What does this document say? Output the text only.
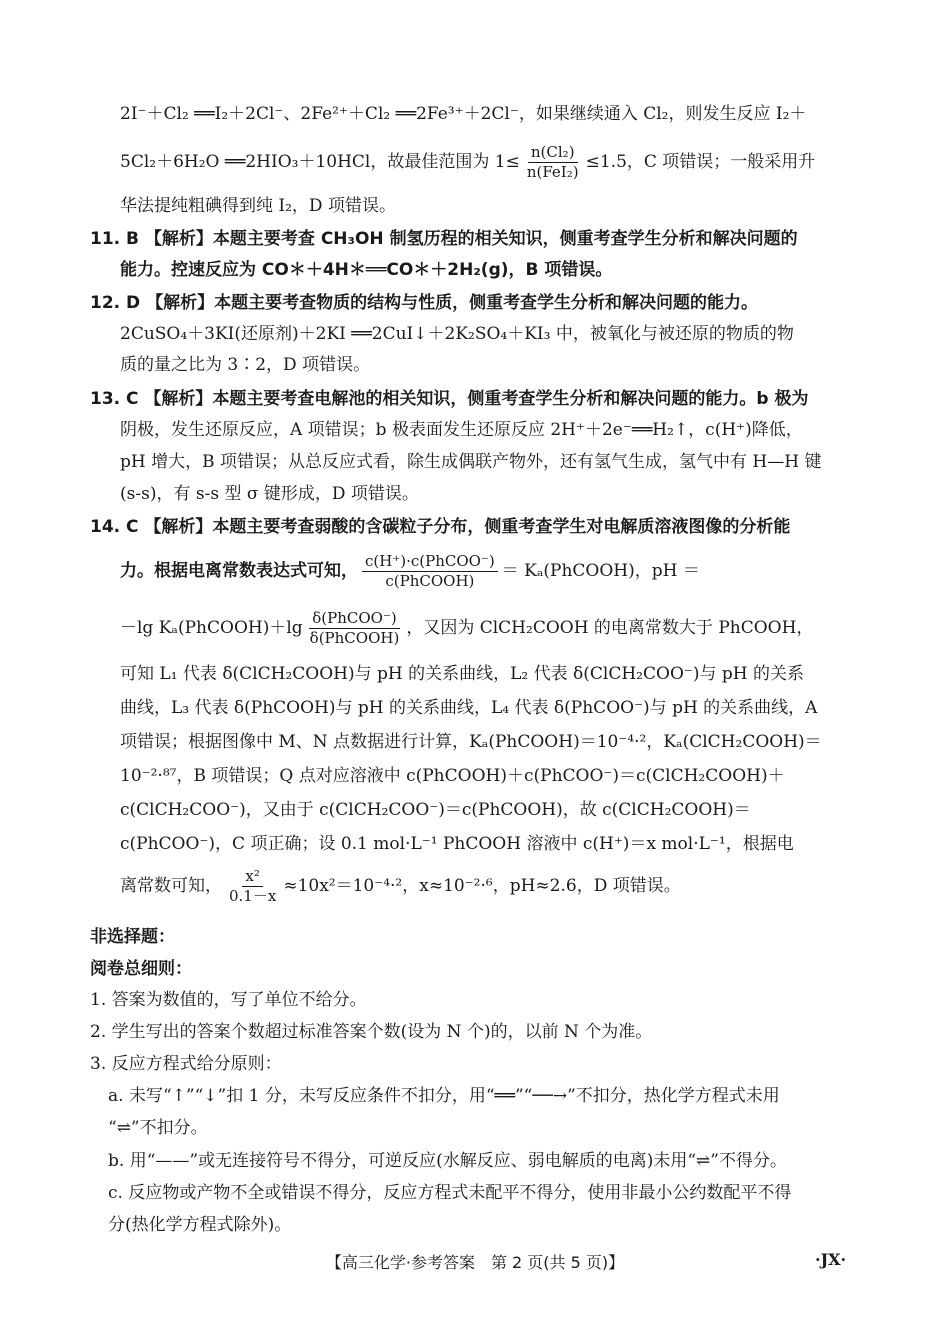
2I⁻＋Cl₂ ══I₂＋2Cl⁻、2Fe²⁺＋Cl₂ ══2Fe³⁺＋2Cl⁻，如果继续通入 Cl₂，则发生反应 I₂＋
5Cl₂＋6H₂O ══2HIO₃＋10HCl，故最佳范围为 $1\le \frac{\text{n(Cl₂)}}{\text{n(FeI₂)}} \le 1.5$，C 项错误；一般采用升
华法提纯粗碘得到纯 I₂，D 项错误。
11. B 【解析】本题主要考查 CH₃OH 制氢历程的相关知识，侧重考查学生分析和解决问题的
能力。控速反应为 CO＊＋4H＊══CO＊＋2H₂(g)，B 项错误。
12. D 【解析】本题主要考查物质的结构与性质，侧重考查学生分析和解决问题的能力。
2CuSO₄＋3KI(还原剂)＋2KI ══2CuI↓＋2K₂SO₄＋KI₃ 中，被氧化与被还原的物质的物
质的量之比为 3∶2，D 项错误。
13. C 【解析】本题主要考查电解池的相关知识，侧重考查学生分析和解决问题的能力。b 极为
阴极，发生还原反应，A 项错误；b 极表面发生还原反应 2H⁺＋2e⁻══H₂↑，c(H⁺)降低，
pH 增大，B 项错误；从总反应式看，除生成偶联产物外，还有氢气生成，氢气中有 H—H 键
(s-s)，有 s-s 型 σ 键形成，D 项错误。
14. C 【解析】本题主要考查弱酸的含碳粒子分布，侧重考查学生对电解质溶液图像的分析能
力。根据电离常数表达式可知， $\frac{\text{c(H⁺)·c(PhCOO⁻)}}{\text{c(PhCOOH)}}$ ＝ Kₐ(PhCOOH)，pH ＝
－lg Kₐ(PhCOOH)＋lg $\frac{\text{δ(PhCOO⁻)}}{\text{δ(PhCOOH)}}$ ，又因为 ClCH₂COOH 的电离常数大于 PhCOOH，
可知 L₁ 代表 δ(ClCH₂COOH)与 pH 的关系曲线，L₂ 代表 δ(ClCH₂COO⁻)与 pH 的关系
曲线，L₃ 代表 δ(PhCOOH)与 pH 的关系曲线，L₄ 代表 δ(PhCOO⁻)与 pH 的关系曲线，A
项错误；根据图像中 M、N 点数据进行计算，Kₐ(PhCOOH)＝10⁻⁴·²，Kₐ(ClCH₂COOH)＝
10⁻²·⁸⁷，B 项错误；Q 点对应溶液中 c(PhCOOH)＋c(PhCOO⁻)＝c(ClCH₂COOH)＋
c(ClCH₂COO⁻)，又由于 c(ClCH₂COO⁻)＝c(PhCOOH)，故 c(ClCH₂COOH)＝
c(PhCOO⁻)，C 项正确；设 0.1 mol·L⁻¹ PhCOOH 溶液中 c(H⁺)＝x mol·L⁻¹，根据电
离常数可知， $\frac{\text{x²}}{0.1-x} \approx 10x^2=10^{-4}\cdot^2$，x≈10⁻²·⁶，pH≈2.6，D 项错误。
非选择题：
阅卷总细则：
1. 答案为数值的，写了单位不给分。
2. 学生写出的答案个数超过标准答案个数(设为 N 个)的，以前 N 个为准。
3. 反应方程式给分原则：
a. 未写“↑”“↓”扣 1 分，未写反应条件不扣分，用“══”“──→”不扣分，热化学方程式未用
“⇌”不扣分。
b. 用“——”或无连接符号不得分，可逆反应(水解反应、弱电解质的电离)未用“⇌”不得分。
c. 反应物或产物不全或错误不得分，反应方程式未配平不得分，使用非最小公约数配平不得
分(热化学方程式除外)。
【高三化学·参考答案　第 2 页(共 5 页)】	·JX·
